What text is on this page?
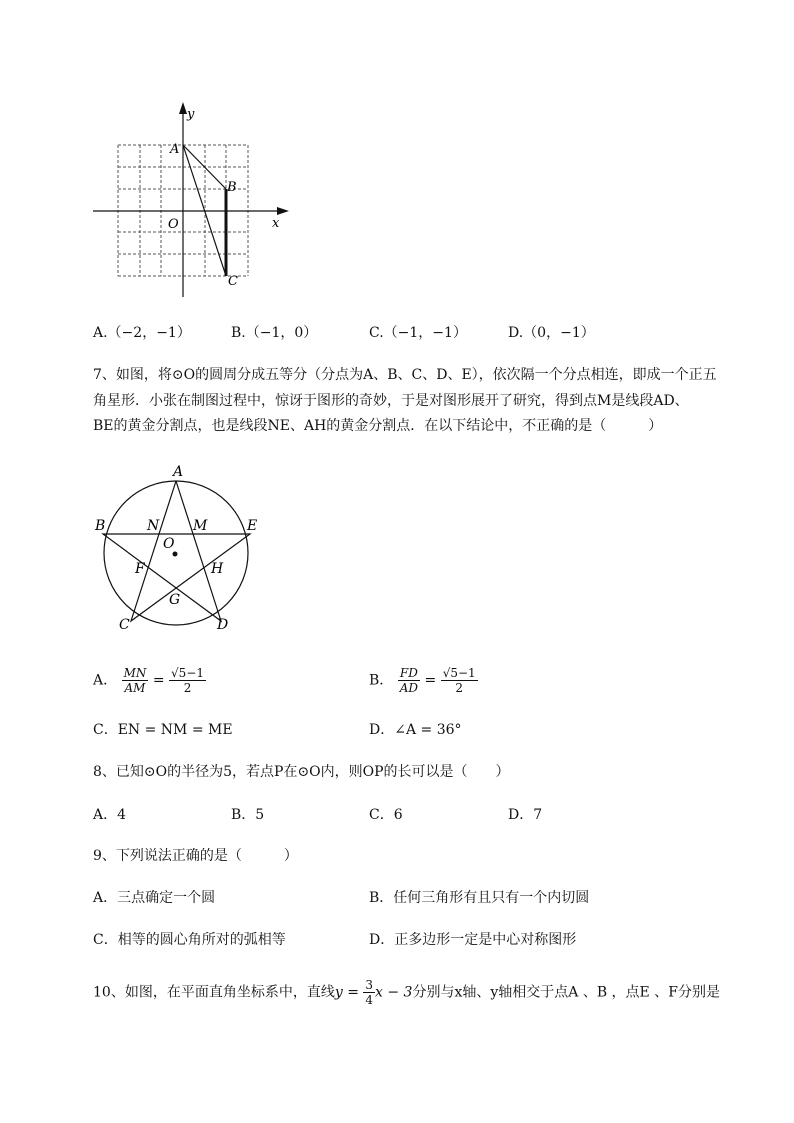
y
x
O
A
B
C
A.（−2，−1）	B.（−1，0）	C.（−1，−1）	D.（0，−1）
7、如图，将⊙O的圆周分成五等分（分点为A、B、C、D、E），依次隔一个分点相连，即成一个正五
角星形．小张在制图过程中，惊讶于图形的奇妙，于是对图形展开了研究，得到点M是线段AD、
BE的黄金分割点，也是线段NE、AH的黄金分割点．在以下结论中，不正确的是（　　　）
A
B
C	D
E
F
G
H
M
N
O
A． $\frac{MN}{AM} = \frac{√5-1}{2}$	B． $\frac{FD}{AD} = \frac{√5-1}{2}$
C．EN = NM = ME	D．∠A = 36°
8、已知⊙O的半径为5，若点P在⊙O内，则OP的长可以是（　　）
A．4	B．5	C．6	D．7
9、下列说法正确的是（　　　）
A．三点确定一个圆	B．任何三角形有且只有一个内切圆
C．相等的圆心角所对的弧相等	D．正多边形一定是中心对称图形
10、如图，在平面直角坐标系中，直线$y = \frac{3}{4}$ x − 3分别与x轴、y轴相交于点A 、B ，点E 、F分别是
